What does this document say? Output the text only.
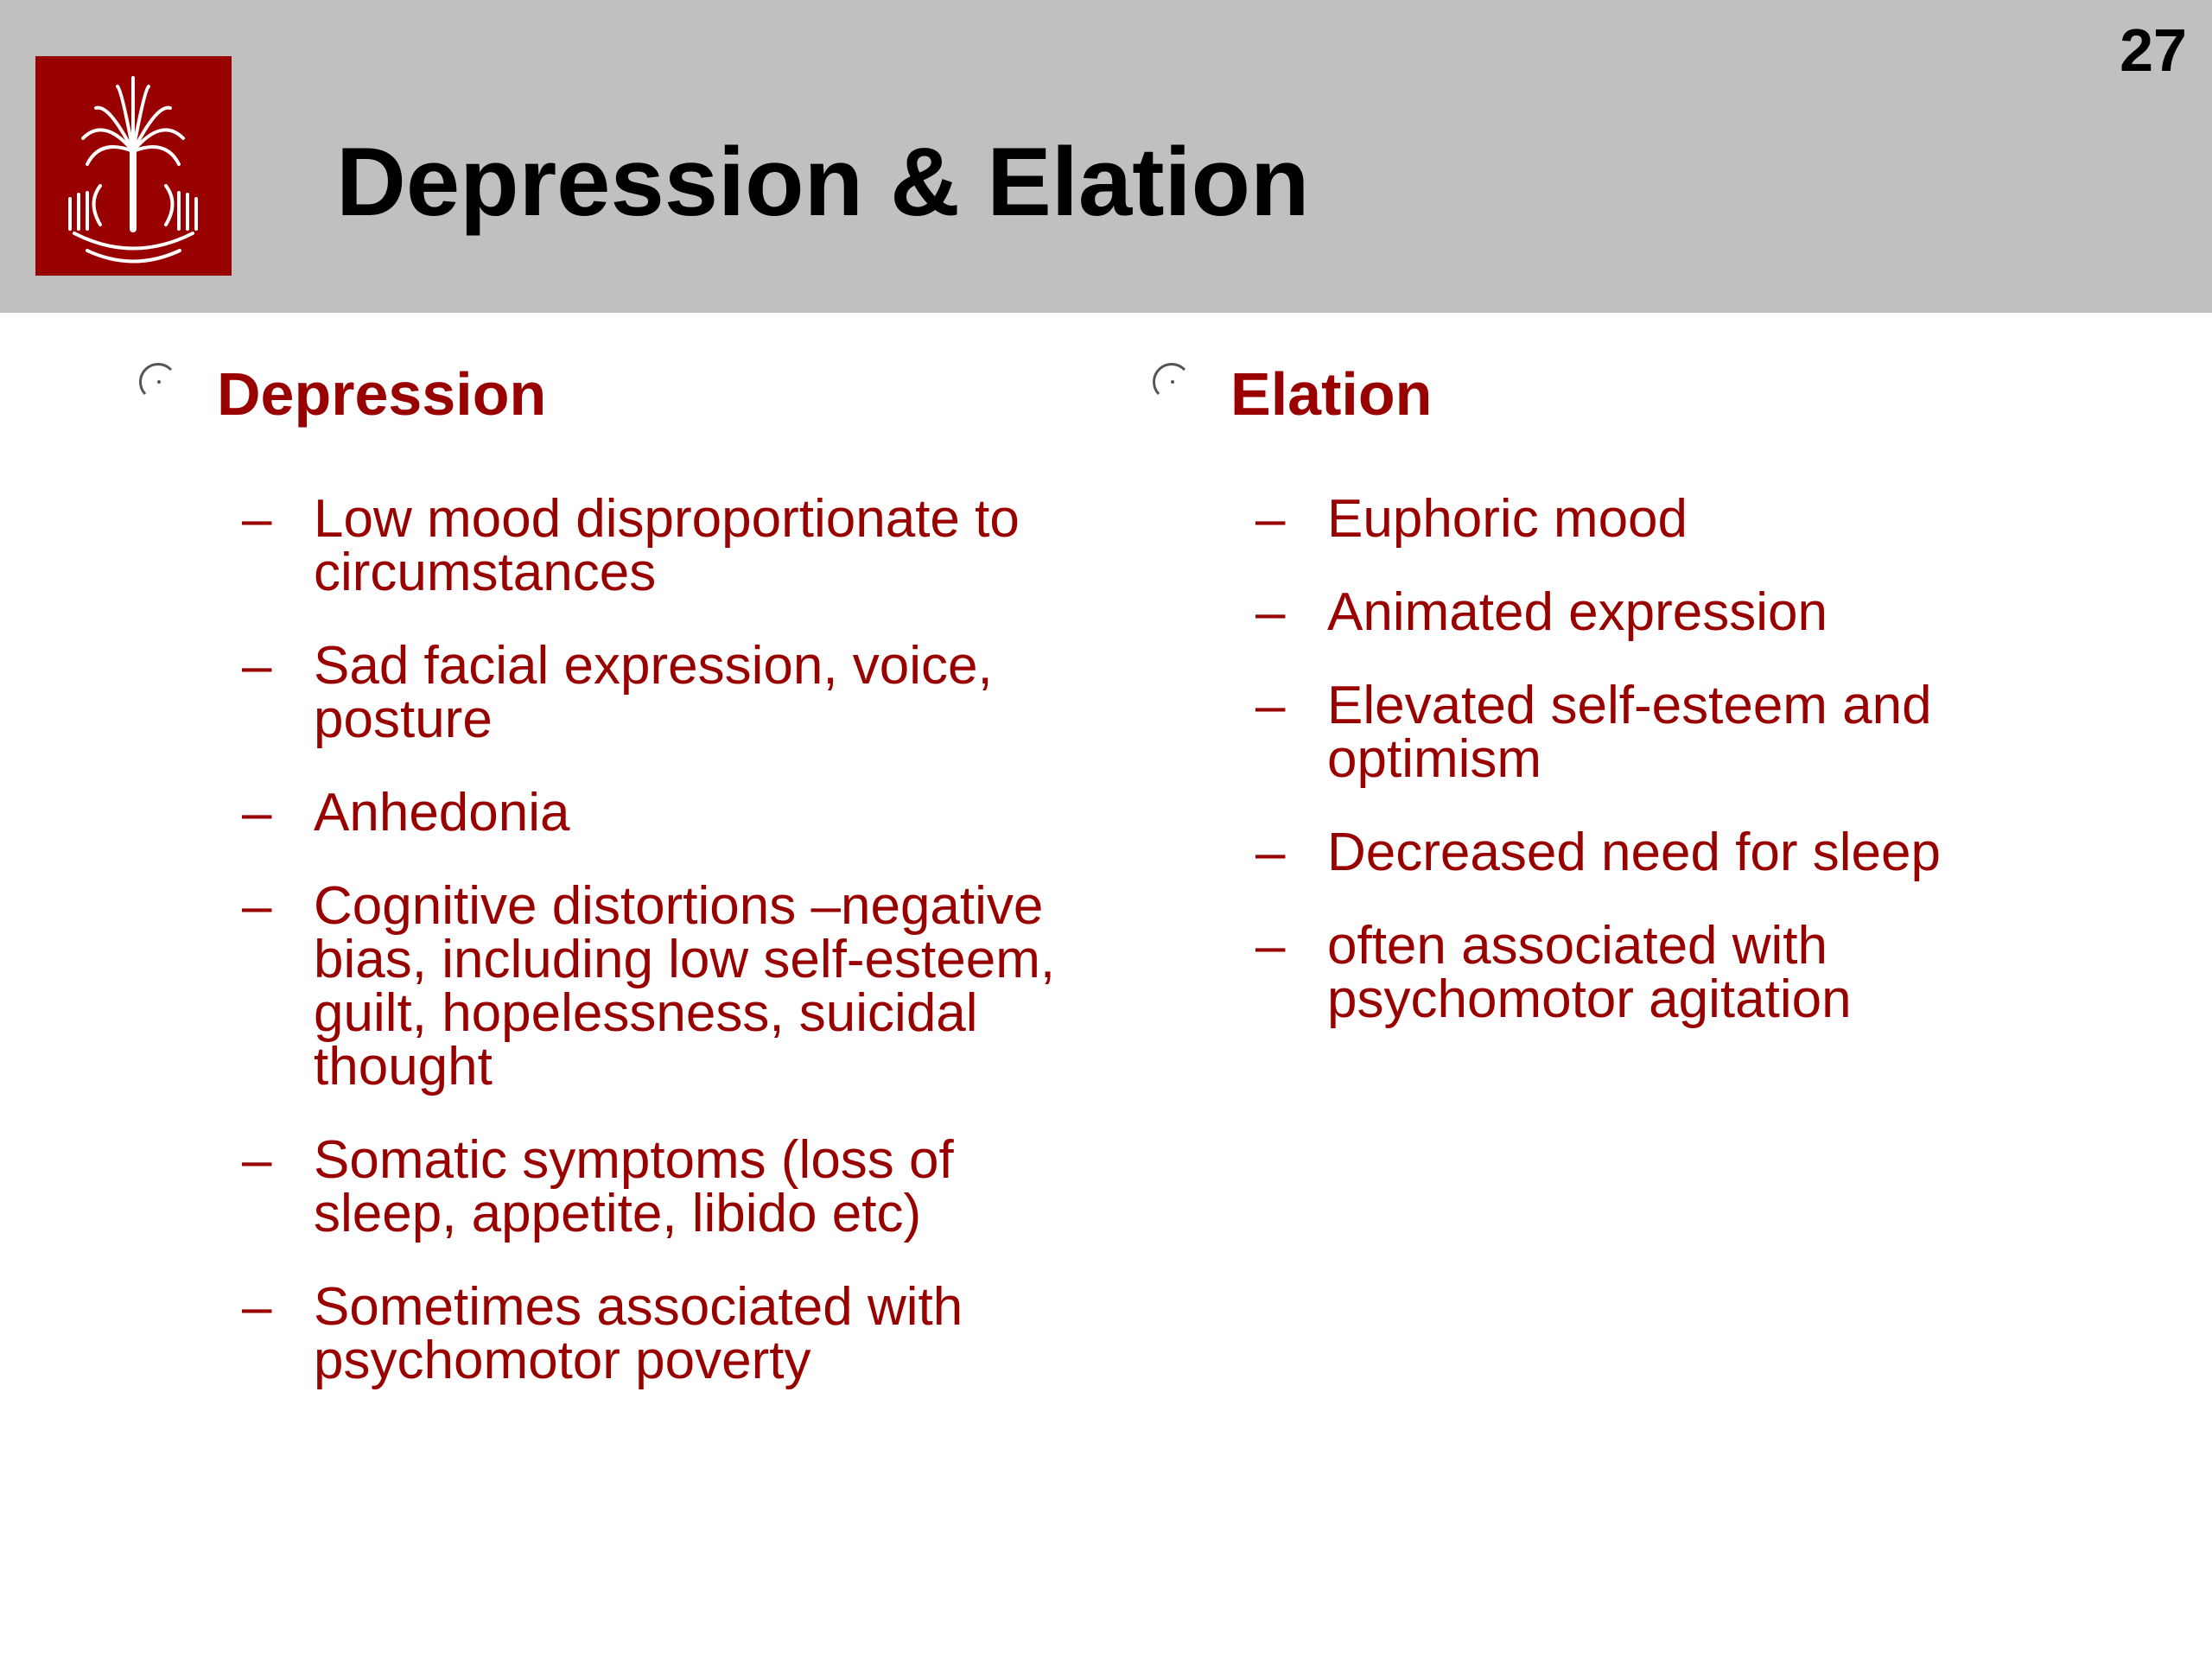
27
Depression & Elation
Depression
– Low mood disproportionate to circumstances
– Sad facial expression, voice, posture
– Anhedonia
– Cognitive distortions –negative bias, including low self-esteem, guilt, hopelessness, suicidal thought
– Somatic symptoms (loss of sleep, appetite, libido etc)
– Sometimes associated with psychomotor poverty
Elation
– Euphoric mood
– Animated expression
– Elevated self-esteem and optimism
– Decreased need for sleep
– often associated with psychomotor agitation
